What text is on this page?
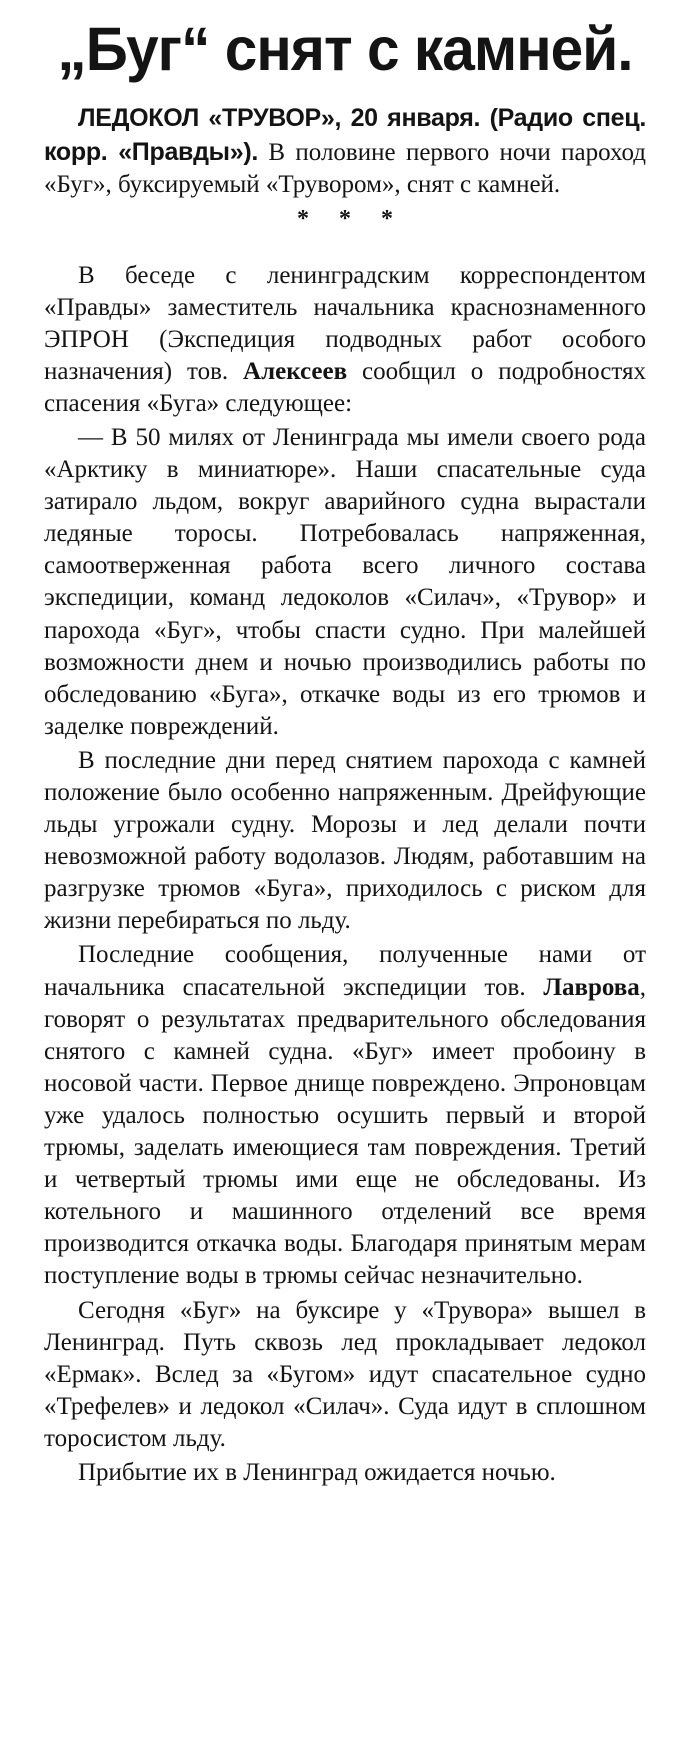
„Буг“ снят с камней.

ЛЕДОКОЛ «ТРУВОР», 20 января. (Радио спец. корр. «Правды»). В половине первого ночи пароход «Буг», буксируемый «Трувором», снят с камней.

* * *

В беседе с ленинградским корреспондентом «Правды» заместитель начальника краснознаменного ЭПРОН (Экспедиция подводных работ особого назначения) тов. Алексеев сообщил о подробностях спасения «Буга» следующее:

— В 50 милях от Ленинграда мы имели своего рода «Арктику в миниатюре». Наши спасательные суда затирало льдом, вокруг аварийного судна вырастали ледяные торосы. Потребовалась напряженная, самоотверженная работа всего личного состава экспедиции, команд ледоколов «Силач», «Трувор» и парохода «Буг», чтобы спасти судно. При малейшей возможности днем и ночью производились работы по обследованию «Буга», откачке воды из его трюмов и заделке повреждений.

В последние дни перед снятием парохода с камней положение было особенно напряженным. Дрейфующие льды угрожали судну. Морозы и лед делали почти невозможной работу водолазов. Людям, работавшим на разгрузке трюмов «Буга», приходилось с риском для жизни перебираться по льду.

Последние сообщения, полученные нами от начальника спасательной экспедиции тов. Лаврова, говорят о результатах предварительного обследования снятого с камней судна. «Буг» имеет пробоину в носовой части. Первое днище повреждено. Эпроновцам уже удалось полностью осушить первый и второй трюмы, заделать имеющиеся там повреждения. Третий и четвертый трюмы ими еще не обследованы. Из котельного и машинного отделений все время производится откачка воды. Благодаря принятым мерам поступление воды в трюмы сейчас незначительно.

Сегодня «Буг» на буксире у «Трувора» вышел в Ленинград. Путь сквозь лед прокладывает ледокол «Ермак». Вслед за «Бугом» идут спасательное судно «Трефелев» и ледокол «Силач». Суда идут в сплошном торосистом льду.

Прибытие их в Ленинград ожидается ночью.
